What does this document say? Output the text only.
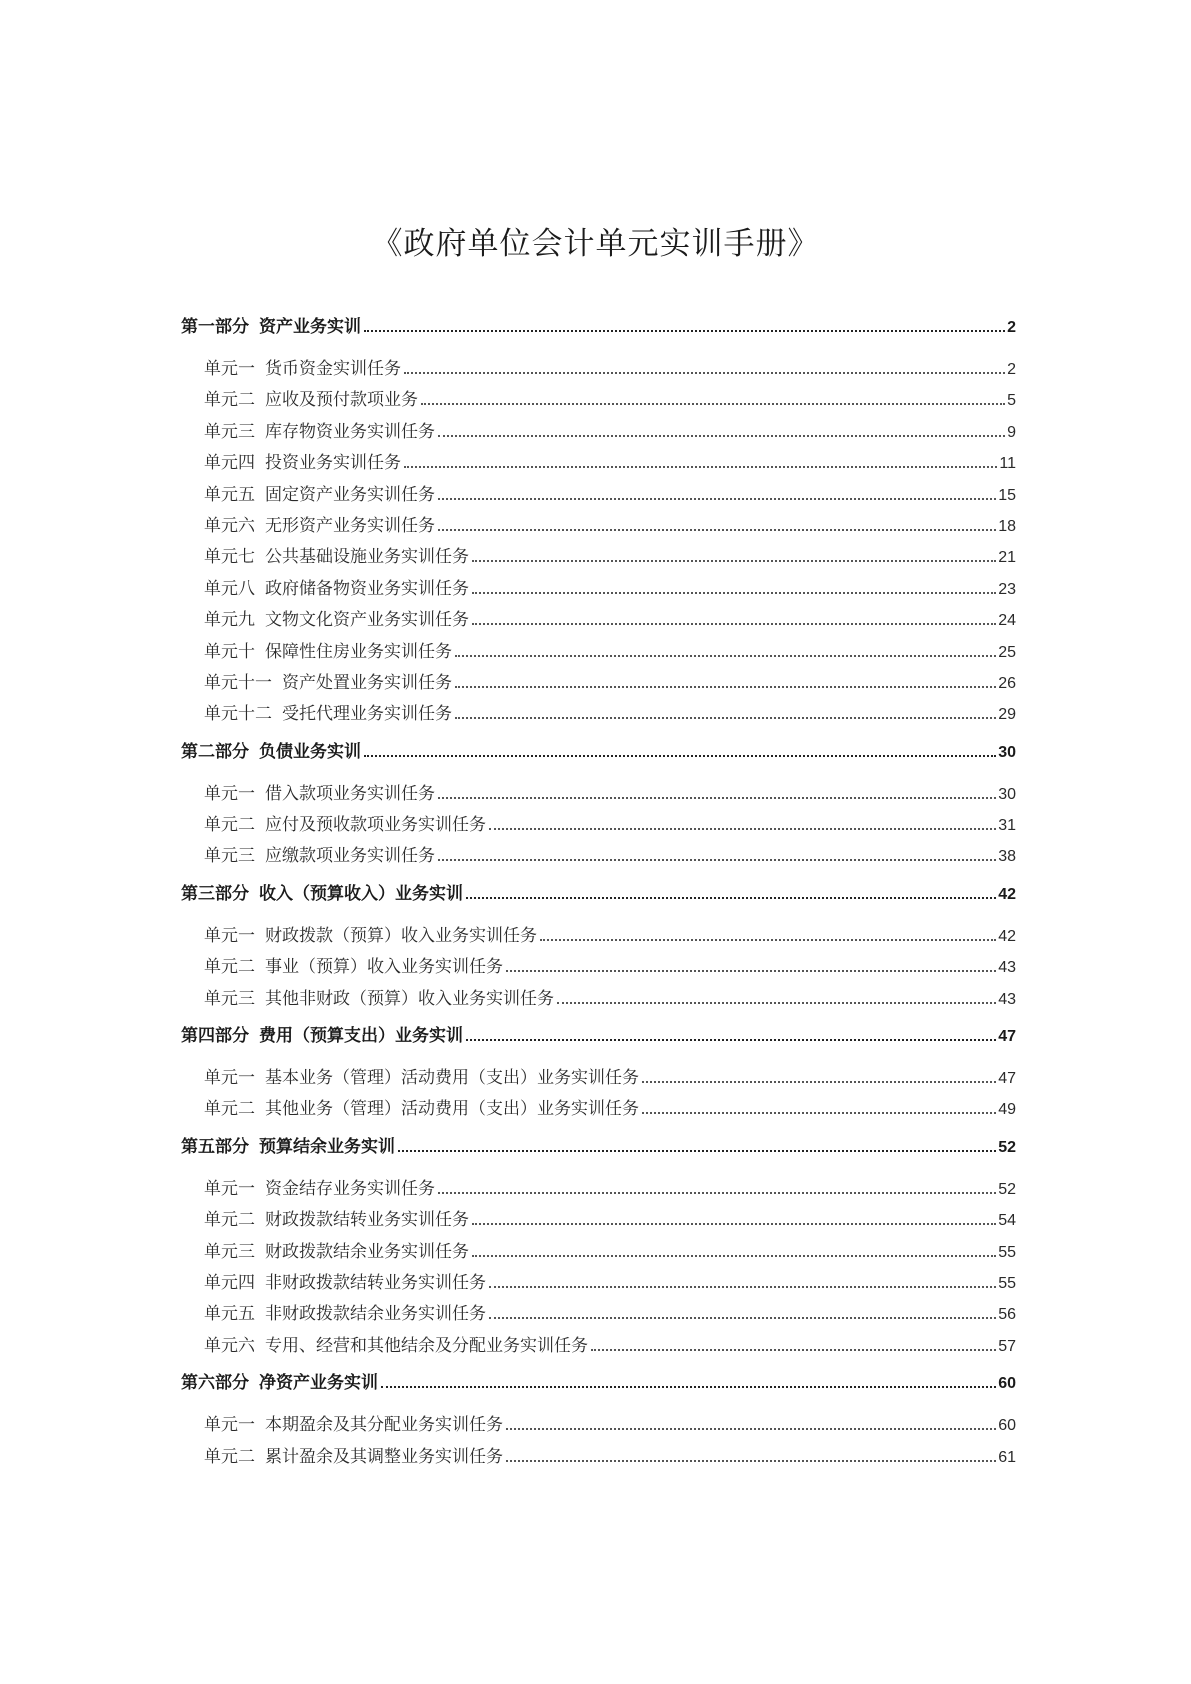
《政府单位会计单元实训手册》
第一部分 资产业务实训	2
单元一 货币资金实训任务	2
单元二 应收及预付款项业务	5
单元三 库存物资业务实训任务	9
单元四 投资业务实训任务	11
单元五 固定资产业务实训任务	15
单元六 无形资产业务实训任务	18
单元七 公共基础设施业务实训任务	21
单元八 政府储备物资业务实训任务	23
单元九 文物文化资产业务实训任务	24
单元十 保障性住房业务实训任务	25
单元十一 资产处置业务实训任务	26
单元十二 受托代理业务实训任务	29
第二部分 负债业务实训	30
单元一 借入款项业务实训任务	30
单元二 应付及预收款项业务实训任务	31
单元三 应缴款项业务实训任务	38
第三部分 收入（预算收入）业务实训	42
单元一 财政拨款（预算）收入业务实训任务	42
单元二 事业（预算）收入业务实训任务	43
单元三 其他非财政（预算）收入业务实训任务	43
第四部分 费用（预算支出）业务实训	47
单元一 基本业务（管理）活动费用（支出）业务实训任务	47
单元二 其他业务（管理）活动费用（支出）业务实训任务	49
第五部分 预算结余业务实训	52
单元一 资金结存业务实训任务	52
单元二 财政拨款结转业务实训任务	54
单元三 财政拨款结余业务实训任务	55
单元四 非财政拨款结转业务实训任务	55
单元五 非财政拨款结余业务实训任务	56
单元六 专用、经营和其他结余及分配业务实训任务	57
第六部分 净资产业务实训	60
单元一 本期盈余及其分配业务实训任务	60
单元二 累计盈余及其调整业务实训任务	61
